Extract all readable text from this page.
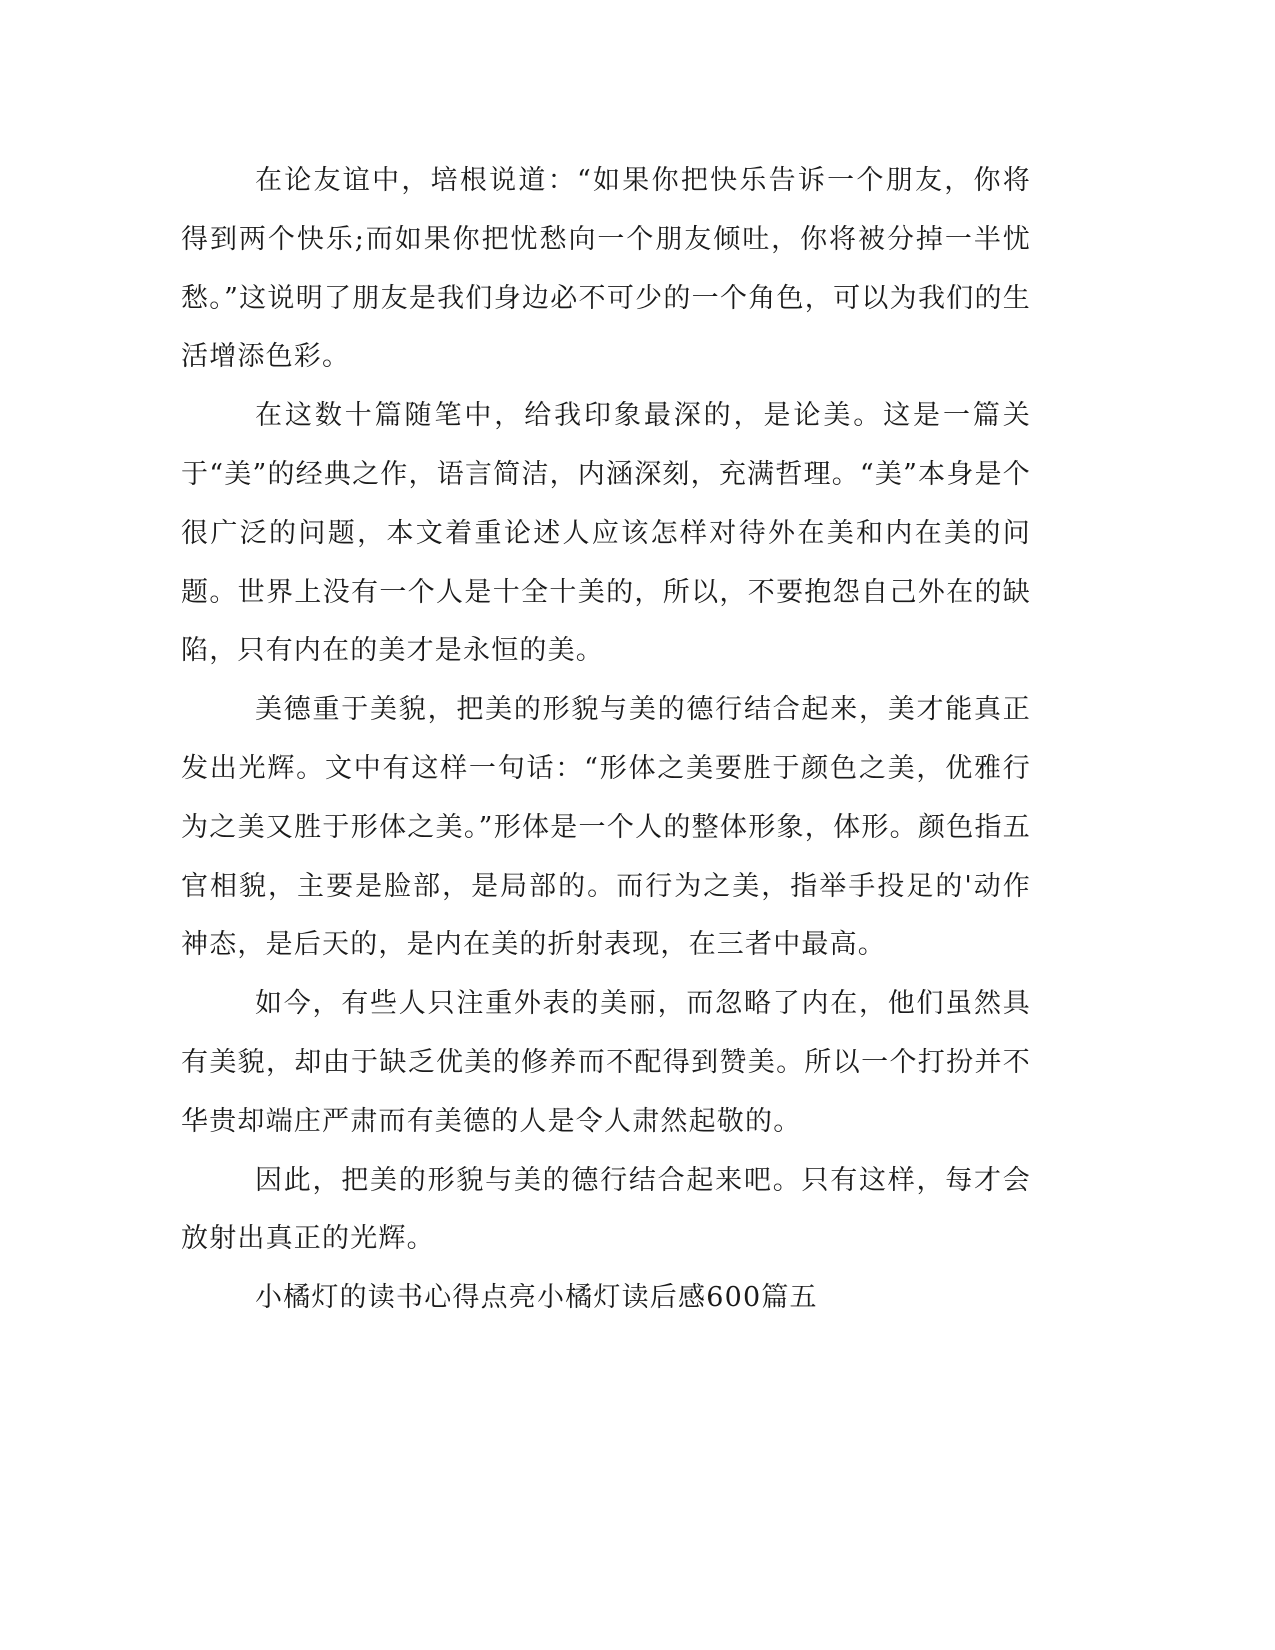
在论友谊中，培根说道：“如果你把快乐告诉一个朋友，你将得到两个快乐;而如果你把忧愁向一个朋友倾吐，你将被分掉一半忧愁。”这说明了朋友是我们身边必不可少的一个角色，可以为我们的生活增添色彩。

在这数十篇随笔中，给我印象最深的，是论美。这是一篇关于“美”的经典之作，语言简洁，内涵深刻，充满哲理。“美”本身是个很广泛的问题，本文着重论述人应该怎样对待外在美和内在美的问题。世界上没有一个人是十全十美的，所以，不要抱怨自己外在的缺陷，只有内在的美才是永恒的美。

美德重于美貌，把美的形貌与美的德行结合起来，美才能真正发出光辉。文中有这样一句话：“形体之美要胜于颜色之美，优雅行为之美又胜于形体之美。”形体是一个人的整体形象，体形。颜色指五官相貌，主要是脸部，是局部的。而行为之美，指举手投足的'动作神态，是后天的，是内在美的折射表现，在三者中最高。

如今，有些人只注重外表的美丽，而忽略了内在，他们虽然具有美貌，却由于缺乏优美的修养而不配得到赞美。所以一个打扮并不华贵却端庄严肃而有美德的人是令人肃然起敬的。

因此，把美的形貌与美的德行结合起来吧。只有这样，每才会放射出真正的光辉。

小橘灯的读书心得点亮小橘灯读后感600篇五
